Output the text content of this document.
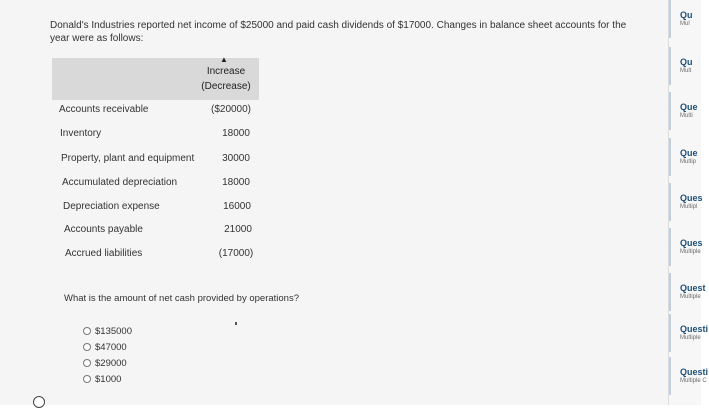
Donald's Industries reported net income of $25000 and paid cash dividends of $17000. Changes in balance sheet accounts for the year were as follows:
▲
Increase
(Decrease)
Accounts receivable	($20000)
Inventory	18000
Property, plant and equipment	30000
Accumulated depreciation	18000
Depreciation expense	16000
Accounts payable	21000
Accrued liabilities	(17000)
What is the amount of net cash provided by operations?
$135000
$47000
$29000
$1000
Qu
Mul
Qu
Mult
Que
Multi
Que
Multip
Ques
Multipl
Ques
Multiple
Quest
Multiple
Questi
Multiple
Questi
Multiple C
